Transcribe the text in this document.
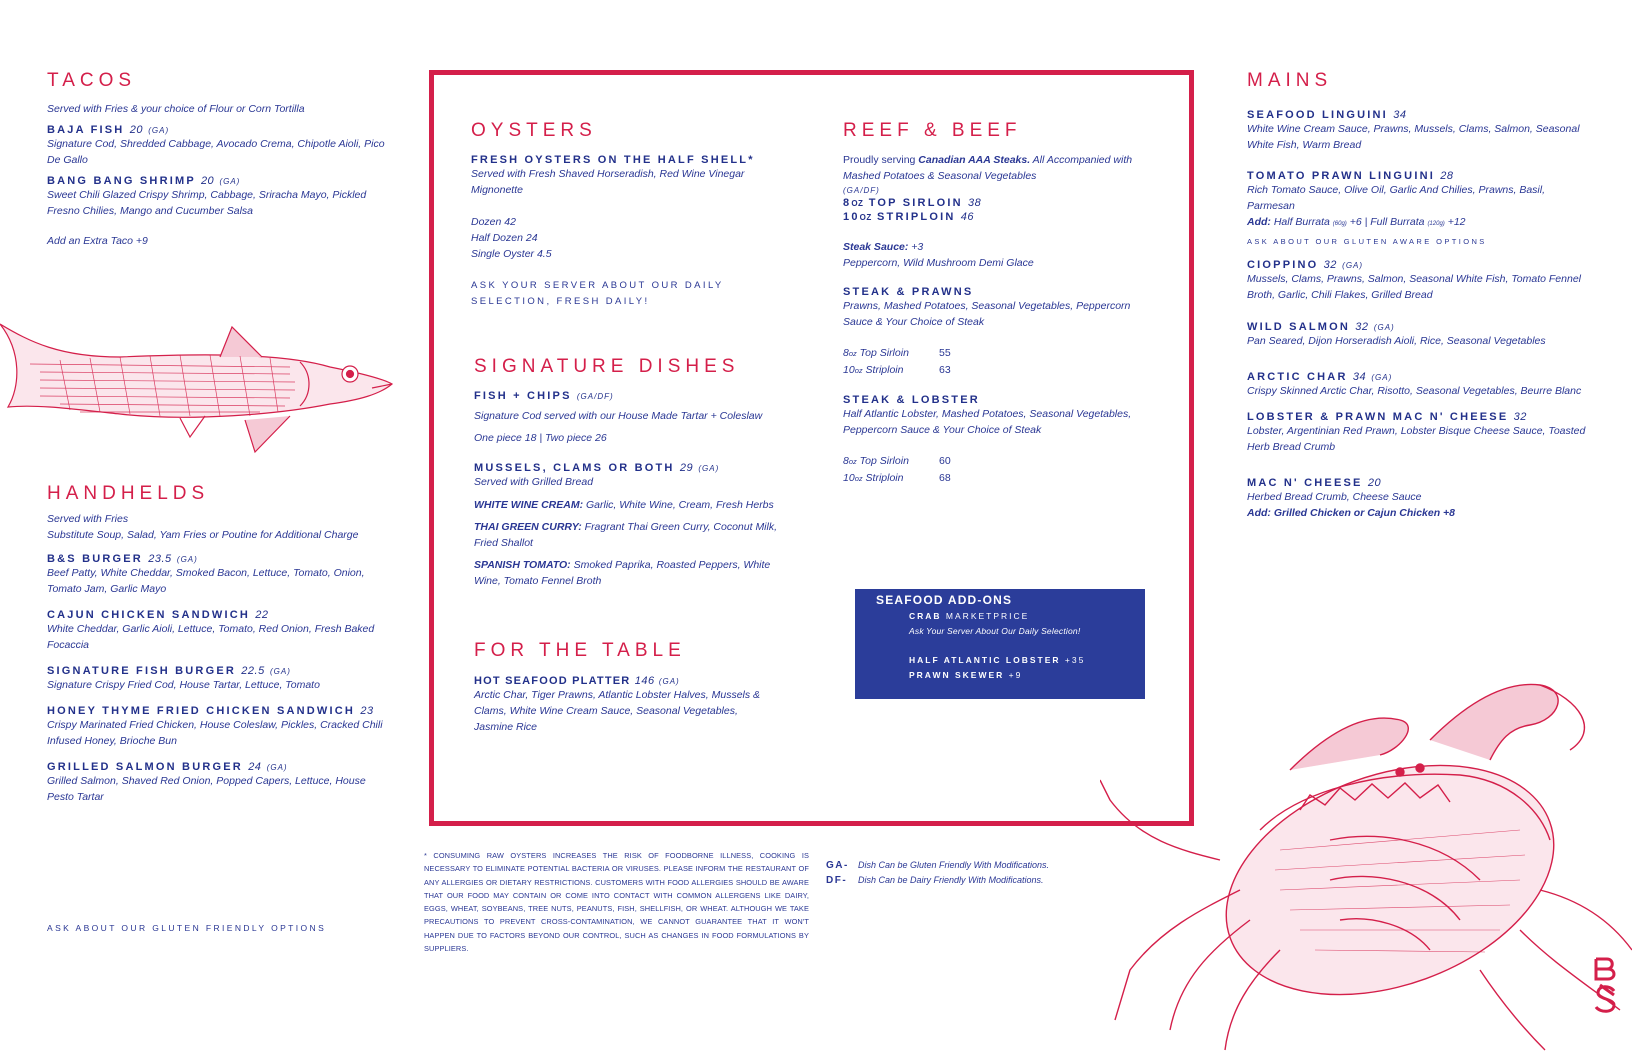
TACOS
Served with Fries & your choice of Flour or Corn Tortilla
BAJA FISH 20 (GA)
Signature Cod, Shredded Cabbage, Avocado Crema, Chipotle Aioli, Pico De Gallo
BANG BANG SHRIMP 20 (GA)
Sweet Chili Glazed Crispy Shrimp, Cabbage, Sriracha Mayo, Pickled Fresno Chilies, Mango and Cucumber Salsa
Add an Extra Taco +9
HANDHELDS
Served with Fries
Substitute Soup, Salad, Yam Fries or Poutine for Additional Charge
B&S BURGER 23.5 (GA)
Beef Patty, White Cheddar, Smoked Bacon, Lettuce, Tomato, Onion, Tomato Jam, Garlic Mayo
CAJUN CHICKEN SANDWICH 22
White Cheddar, Garlic Aioli, Lettuce, Tomato, Red Onion, Fresh Baked Focaccia
SIGNATURE FISH BURGER 22.5 (GA)
Signature Crispy Fried Cod, House Tartar, Lettuce, Tomato
HONEY THYME FRIED CHICKEN SANDWICH 23
Crispy Marinated Fried Chicken, House Coleslaw, Pickles, Cracked Chili Infused Honey, Brioche Bun
GRILLED SALMON BURGER 24 (GA)
Grilled Salmon, Shaved Red Onion, Popped Capers, Lettuce, House Pesto Tartar
ASK ABOUT OUR GLUTEN FRIENDLY OPTIONS
OYSTERS
FRESH OYSTERS ON THE HALF SHELL*
Served with Fresh Shaved Horseradish, Red Wine Vinegar Mignonette
Dozen 42
Half Dozen 24
Single Oyster 4.5
ASK YOUR SERVER ABOUT OUR DAILY SELECTION, FRESH DAILY!
SIGNATURE DISHES
FISH + CHIPS (GA/DF)
Signature Cod served with our House Made Tartar + Coleslaw
One piece 18 | Two piece 26
MUSSELS, CLAMS OR BOTH 29 (GA)
Served with Grilled Bread
WHITE WINE CREAM: Garlic, White Wine, Cream, Fresh Herbs
THAI GREEN CURRY: Fragrant Thai Green Curry, Coconut Milk, Fried Shallot
SPANISH TOMATO: Smoked Paprika, Roasted Peppers, White Wine, Tomato Fennel Broth
FOR THE TABLE
HOT SEAFOOD PLATTER 146 (GA)
Arctic Char, Tiger Prawns, Atlantic Lobster Halves, Mussels & Clams, White Wine Cream Sauce, Seasonal Vegetables, Jasmine Rice
REEF & BEEF
Proudly serving Canadian AAA Steaks. All Accompanied with Mashed Potatoes & Seasonal Vegetables
(GA/DF)
8OZ TOP SIRLOIN 38
10OZ STRIPLOIN 46
Steak Sauce: +3
Peppercorn, Wild Mushroom Demi Glace
STEAK & PRAWNS
Prawns, Mashed Potatoes, Seasonal Vegetables, Peppercorn Sauce & Your Choice of Steak
8oz Top Sirloin	55
10oz Striploin	63
STEAK & LOBSTER
Half Atlantic Lobster, Mashed Potatoes, Seasonal Vegetables, Peppercorn Sauce & Your Choice of Steak
8oz Top Sirloin	60
10oz Striploin	68
SEAFOOD ADD-ONS
CRAB MARKETPRICE
Ask Your Server About Our Daily Selection!
HALF ATLANTIC LOBSTER +35
PRAWN SKEWER +9
* CONSUMING RAW OYSTERS INCREASES THE RISK OF FOODBORNE ILLNESS, COOKING IS NECESSARY TO ELIMINATE POTENTIAL BACTERIA OR VIRUSES. PLEASE INFORM THE RESTAURANT OF ANY ALLERGIES OR DIETARY RESTRICTIONS. CUSTOMERS WITH FOOD ALLERGIES SHOULD BE AWARE THAT OUR FOOD MAY CONTAIN OR COME INTO CONTACT WITH COMMON ALLERGENS LIKE DAIRY, EGGS, WHEAT, SOYBEANS, TREE NUTS, PEANUTS, FISH, SHELLFISH, OR WHEAT. ALTHOUGH WE TAKE PRECAUTIONS TO PREVENT CROSS-CONTAMINATION, WE CANNOT GUARANTEE THAT IT WON'T HAPPEN DUE TO FACTORS BEYOND OUR CONTROL, SUCH AS CHANGES IN FOOD FORMULATIONS BY SUPPLIERS.
GA- Dish Can be Gluten Friendly With Modifications.
DF- Dish Can be Dairy Friendly With Modifications.
MAINS
SEAFOOD LINGUINI 34
White Wine Cream Sauce, Prawns, Mussels, Clams, Salmon, Seasonal White Fish, Warm Bread
TOMATO PRAWN LINGUINI 28
Rich Tomato Sauce, Olive Oil, Garlic And Chilies, Prawns, Basil, Parmesan
Add: Half Burrata (60g) +6 | Full Burrata (120g) +12
ASK ABOUT OUR GLUTEN AWARE OPTIONS
CIOPPINO 32 (GA)
Mussels, Clams, Prawns, Salmon, Seasonal White Fish, Tomato Fennel Broth, Garlic, Chili Flakes, Grilled Bread
WILD SALMON 32 (GA)
Pan Seared, Dijon Horseradish Aioli, Rice, Seasonal Vegetables
ARCTIC CHAR 34 (GA)
Crispy Skinned Arctic Char, Risotto, Seasonal Vegetables, Beurre Blanc
LOBSTER & PRAWN MAC N' CHEESE 32
Lobster, Argentinian Red Prawn, Lobster Bisque Cheese Sauce, Toasted Herb Bread Crumb
MAC N' CHEESE 20
Herbed Bread Crumb, Cheese Sauce
Add: Grilled Chicken or Cajun Chicken +8
